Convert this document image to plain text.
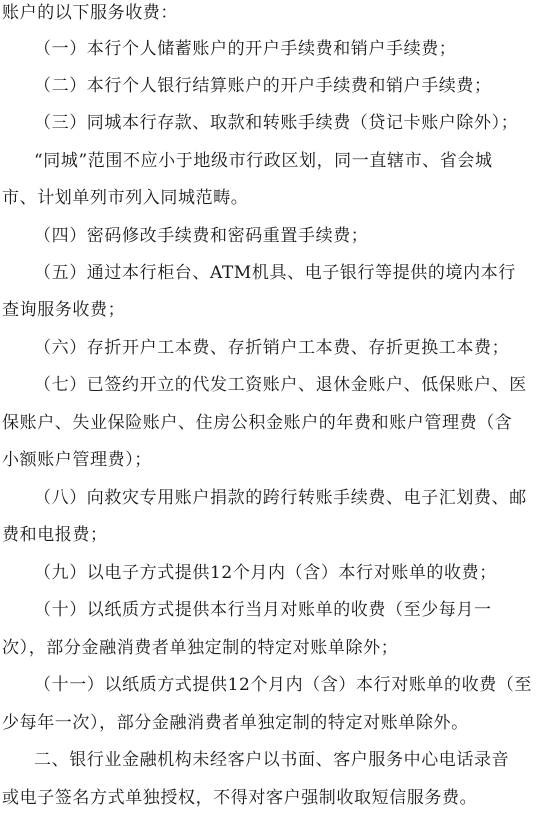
账户的以下服务收费：
（一）本行个人储蓄账户的开户手续费和销户手续费；
（二）本行个人银行结算账户的开户手续费和销户手续费；
（三）同城本行存款、取款和转账手续费（贷记卡账户除外）；
“同城”范围不应小于地级市行政区划，同一直辖市、省会城
市、计划单列市列入同城范畴。
（四）密码修改手续费和密码重置手续费；
（五）通过本行柜台、ATM机具、电子银行等提供的境内本行
查询服务收费；
（六）存折开户工本费、存折销户工本费、存折更换工本费；
（七）已签约开立的代发工资账户、退休金账户、低保账户、医
保账户、失业保险账户、住房公积金账户的年费和账户管理费（含
小额账户管理费）；
（八）向救灾专用账户捐款的跨行转账手续费、电子汇划费、邮
费和电报费；
（九）以电子方式提供12个月内（含）本行对账单的收费；
（十）以纸质方式提供本行当月对账单的收费（至少每月一
次），部分金融消费者单独定制的特定对账单除外；
（十一）以纸质方式提供12个月内（含）本行对账单的收费（至
少每年一次），部分金融消费者单独定制的特定对账单除外。
二、银行业金融机构未经客户以书面、客户服务中心电话录音
或电子签名方式单独授权，不得对客户强制收取短信服务费。
